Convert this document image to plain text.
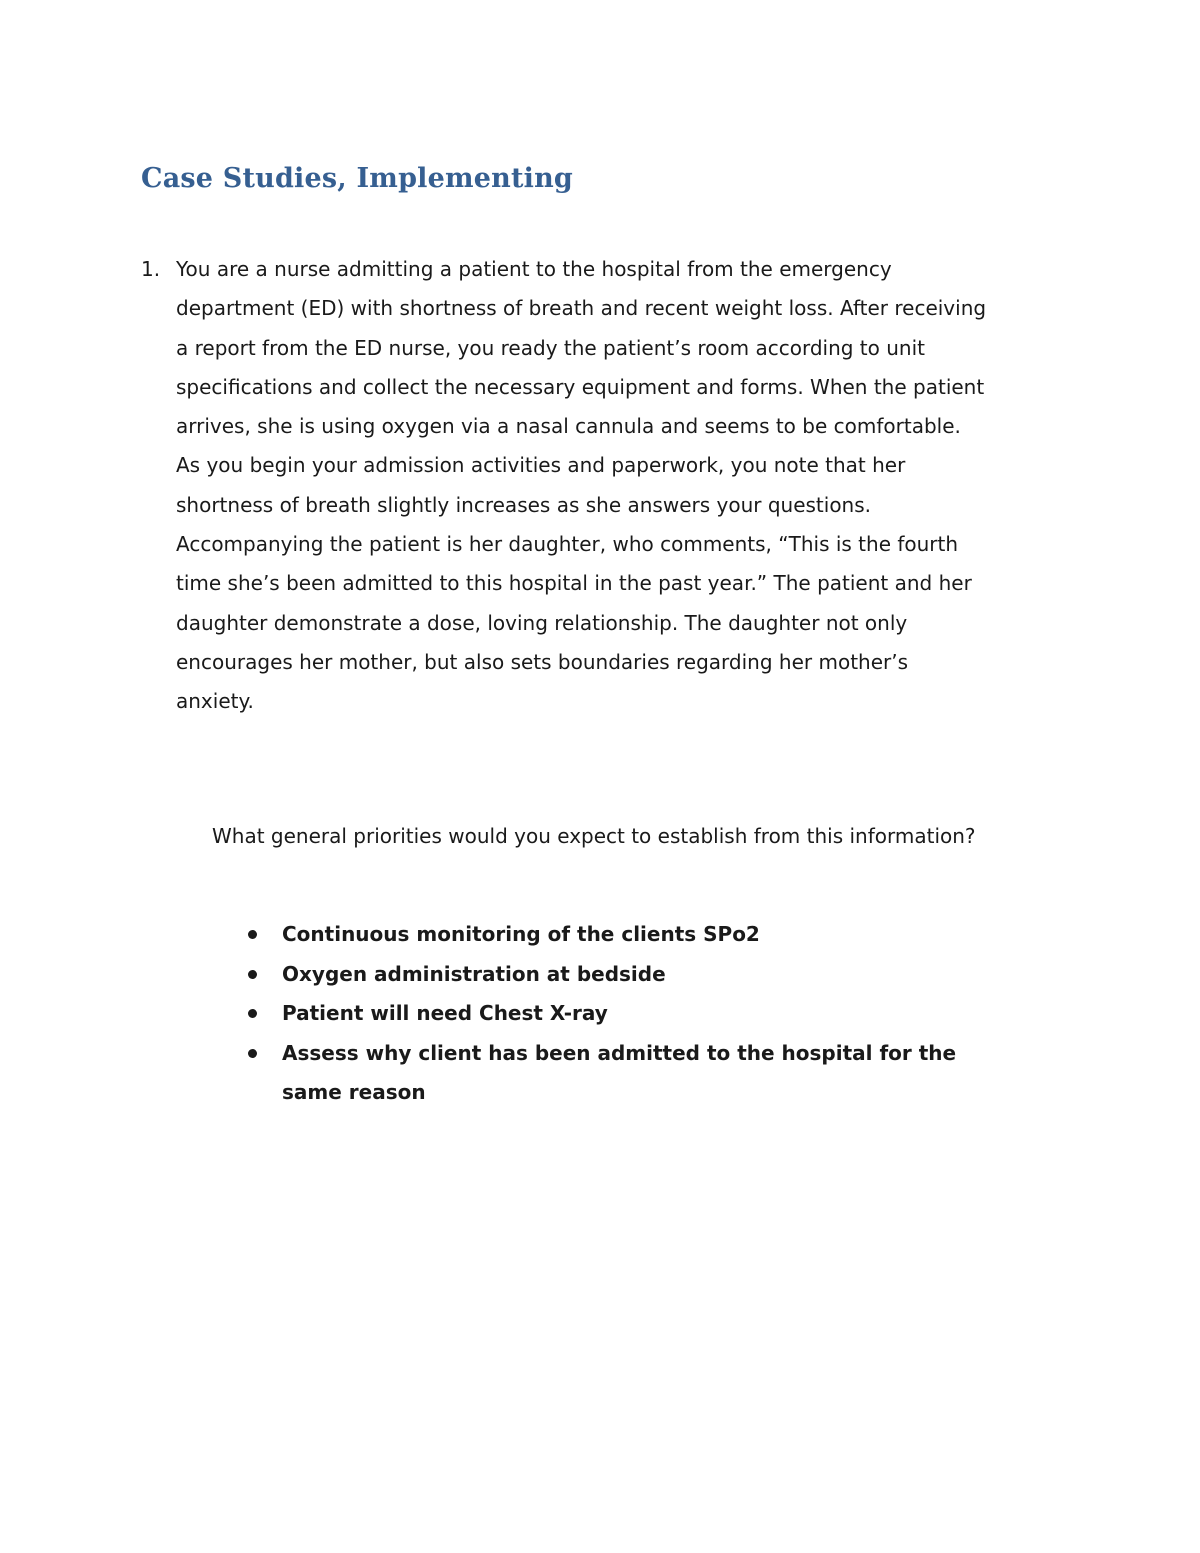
Case Studies, Implementing
1. You are a nurse admitting a patient to the hospital from the emergency
department (ED) with shortness of breath and recent weight loss. After receiving
a report from the ED nurse, you ready the patient’s room according to unit
specifications and collect the necessary equipment and forms. When the patient
arrives, she is using oxygen via a nasal cannula and seems to be comfortable.
As you begin your admission activities and paperwork, you note that her
shortness of breath slightly increases as she answers your questions.
Accompanying the patient is her daughter, who comments, “This is the fourth
time she’s been admitted to this hospital in the past year.” The patient and her
daughter demonstrate a dose, loving relationship. The daughter not only
encourages her mother, but also sets boundaries regarding her mother’s
anxiety.

What general priorities would you expect to establish from this information?

Continuous monitoring of the clients SPo2
Oxygen administration at bedside
Patient will need Chest X-ray
Assess why client has been admitted to the hospital for the
same reason
